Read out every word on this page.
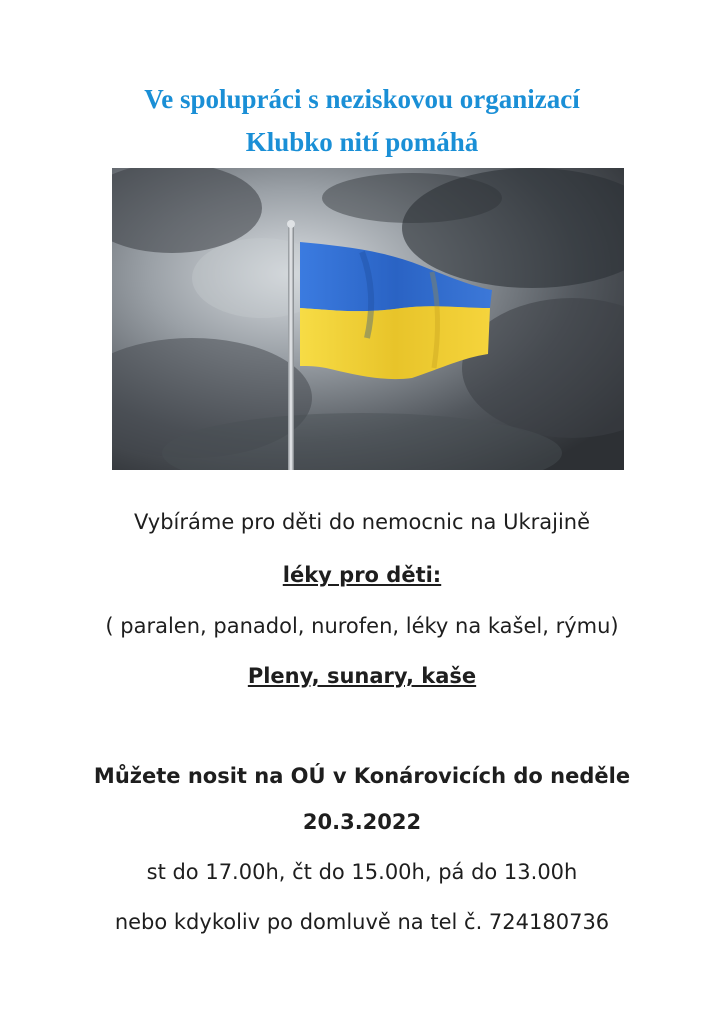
Ve spolupráci s neziskovou organizací
Klubko nití pomáhá
Vybíráme pro děti do nemocnic na Ukrajině
léky pro děti:
( paralen, panadol, nurofen, léky na kašel, rýmu)
Pleny, sunary, kaše
Můžete nosit na OÚ v Konárovicích do neděle
20.3.2022
st do 17.00h, čt do 15.00h, pá do 13.00h
nebo kdykoliv po domluvě na tel č. 724180736
